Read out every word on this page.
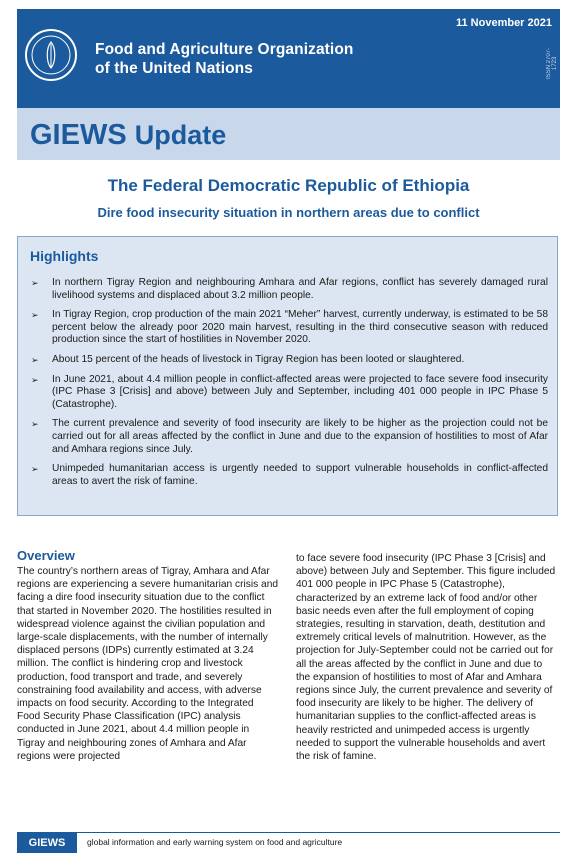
Food and Agriculture Organization
of the United Nations
11 November 2021
ISSN 2707-1723
GIEWS Update
The Federal Democratic Republic of Ethiopia
Dire food insecurity situation in northern areas due to conflict
Highlights
➢ In northern Tigray Region and neighbouring Amhara and Afar regions, conflict has severely damaged rural livelihood systems and displaced about 3.2 million people.
➢ In Tigray Region, crop production of the main 2021 “Meher” harvest, currently underway, is estimated to be 58 percent below the already poor 2020 main harvest, resulting in the third consecutive season with reduced production since the start of hostilities in November 2020.
➢ About 15 percent of the heads of livestock in Tigray Region has been looted or slaughtered.
➢ In June 2021, about 4.4 million people in conflict-affected areas were projected to face severe food insecurity (IPC Phase 3 [Crisis] and above) between July and September, including 401 000 people in IPC Phase 5 (Catastrophe).
➢ The current prevalence and severity of food insecurity are likely to be higher as the projection could not be carried out for all areas affected by the conflict in June and due to the expansion of hostilities to most of Afar and Amhara regions since July.
➢ Unimpeded humanitarian access is urgently needed to support vulnerable households in conflict-affected areas to avert the risk of famine.
Overview

The country’s northern areas of Tigray, Amhara and Afar regions are experiencing a severe humanitarian crisis and facing a dire food insecurity situation due to the conflict that started in November 2020. The hostilities resulted in widespread violence against the civilian population and large-scale displacements, with the number of internally displaced persons (IDPs) currently estimated at 3.24 million. The conflict is hindering crop and livestock production, food transport and trade, and severely constraining food availability and access, with adverse impacts on food security. According to the Integrated Food Security Phase Classification (IPC) analysis conducted in June 2021, about 4.4 million people in Tigray and neighbouring zones of Amhara and Afar regions were projected

to face severe food insecurity (IPC Phase 3 [Crisis] and above) between July and September. This figure included 401 000 people in IPC Phase 5 (Catastrophe), characterized by an extreme lack of food and/or other basic needs even after the full employment of coping strategies, resulting in starvation, death, destitution and extremely critical levels of malnutrition. However, as the projection for July-September could not be carried out for all the areas affected by the conflict in June and due to the expansion of hostilities to most of Afar and Amhara regions since July, the current prevalence and severity of food insecurity are likely to be higher. The delivery of humanitarian supplies to the conflict-affected areas is heavily restricted and unimpeded access is urgently needed to support the vulnerable households and avert the risk of famine.

GIEWS	global information and early warning system on food and agriculture
